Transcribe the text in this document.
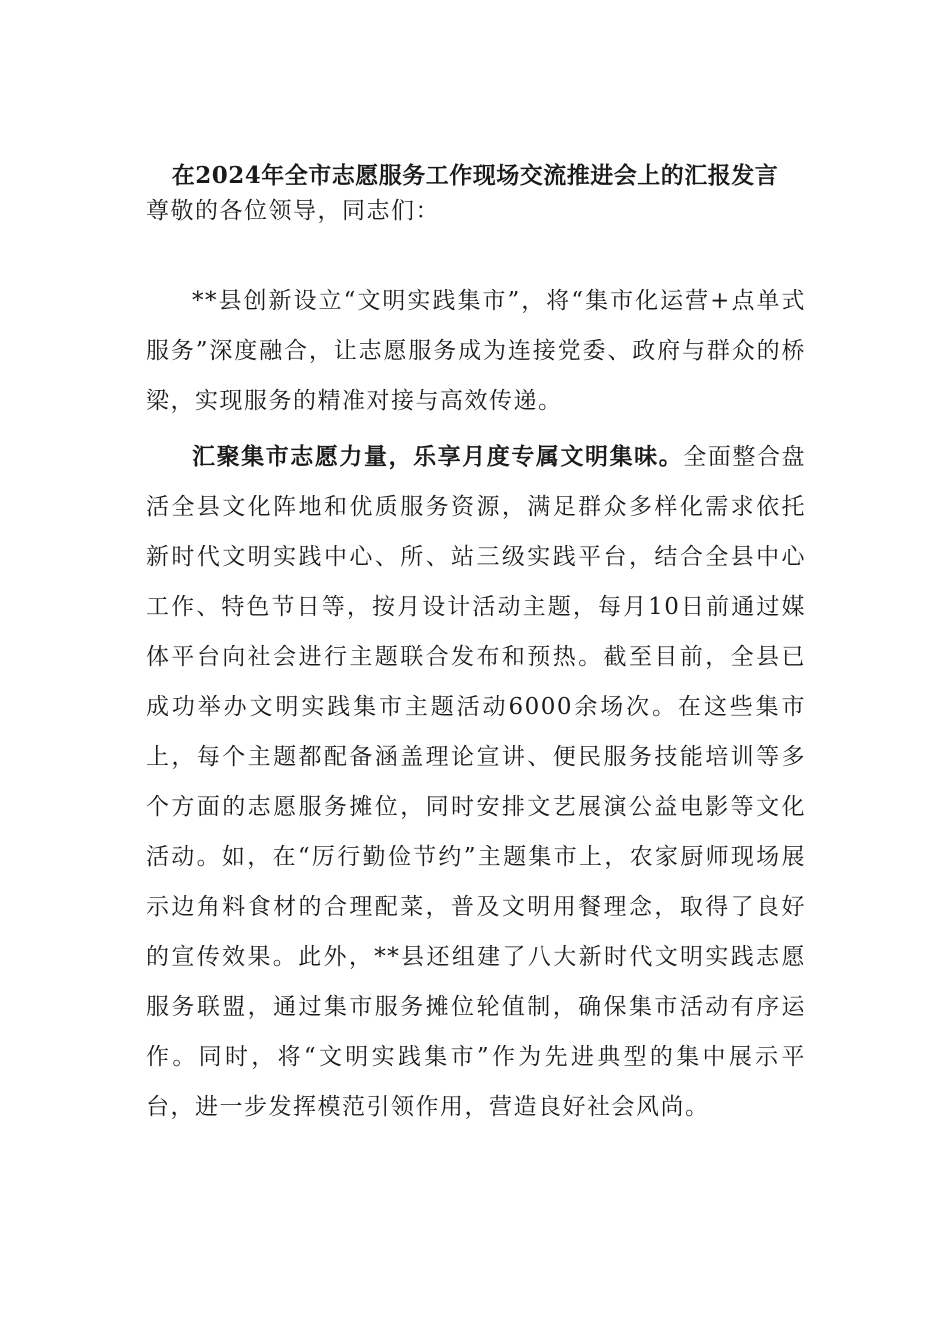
在2024年全市志愿服务工作现场交流推进会上的汇报发言

尊敬的各位领导，同志们：

**县创新设立“文明实践集市”，将“集市化运营+点单式服务”深度融合，让志愿服务成为连接党委、政府与群众的桥梁，实现服务的精准对接与高效传递。

汇聚集市志愿力量，乐享月度专属文明集味。全面整合盘活全县文化阵地和优质服务资源，满足群众多样化需求依托新时代文明实践中心、所、站三级实践平台，结合全县中心工作、特色节日等，按月设计活动主题，每月10日前通过媒体平台向社会进行主题联合发布和预热。截至目前，全县已成功举办文明实践集市主题活动6000余场次。在这些集市上，每个主题都配备涵盖理论宣讲、便民服务技能培训等多个方面的志愿服务摊位，同时安排文艺展演公益电影等文化活动。如，在“厉行勤俭节约”主题集市上，农家厨师现场展示边角料食材的合理配菜，普及文明用餐理念，取得了良好的宣传效果。此外，**县还组建了八大新时代文明实践志愿服务联盟，通过集市服务摊位轮值制，确保集市活动有序运作。同时，将“文明实践集市”作为先进典型的集中展示平台，进一步发挥模范引领作用，营造良好社会风尚。
